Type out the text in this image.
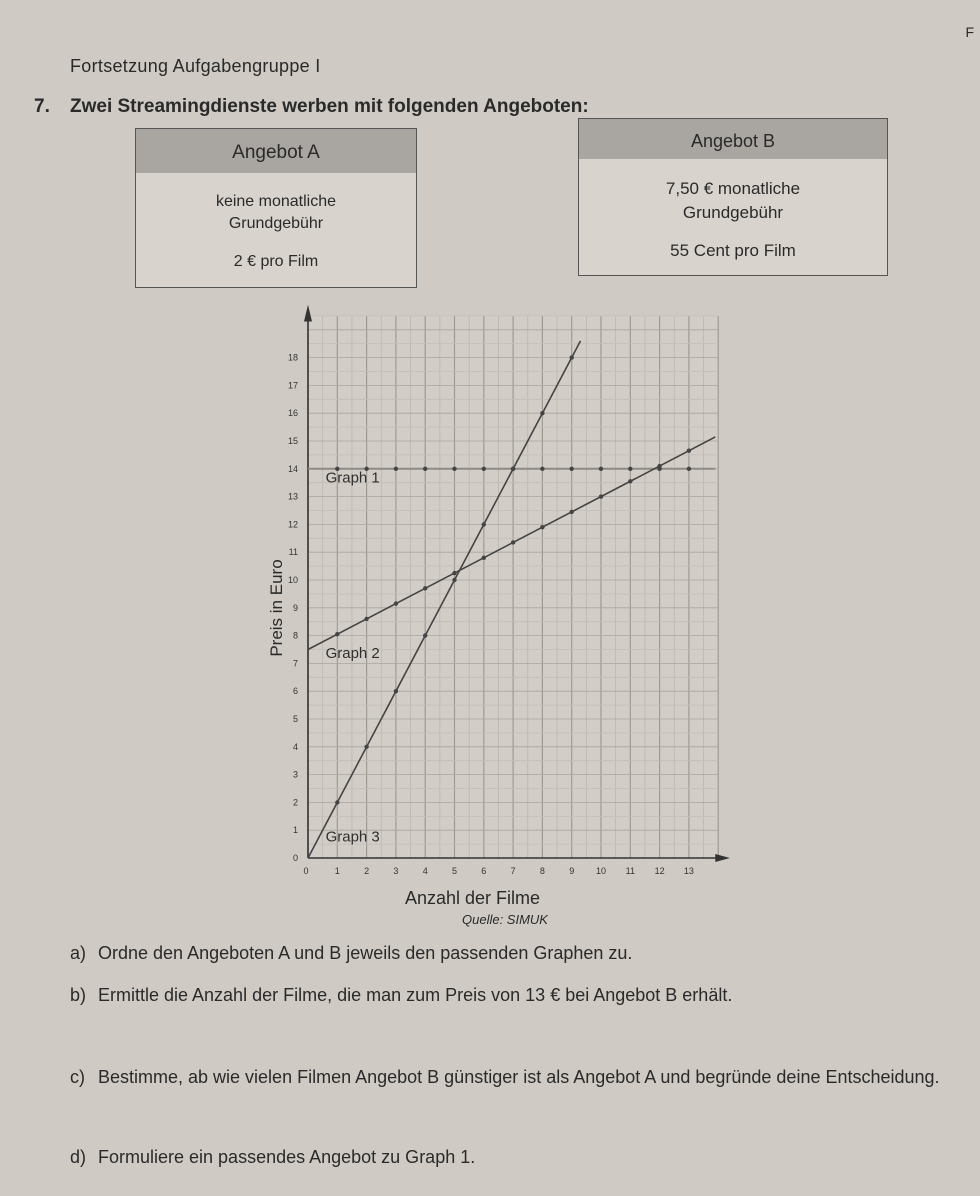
F
Fortsetzung Aufgabengruppe I
7. Zwei Streamingdienste werben mit folgenden Angeboten:
Angebot A
keine monatliche
Grundgebühr
2 € pro Film
Angebot B
7,50 € monatliche
Grundgebühr
55 Cent pro Film
0	1	2	3	4	5	6	7	8	9 10 11 12 13
0
1
2
3
4
5
6
7
8
9
10
11
12
13
14
15
16
17
18
Graph 1
Graph 2
Graph 3
Preis in Euro
Anzahl der Filme
Quelle: SIMUK
a) Ordne den Angeboten A und B jeweils den passenden Graphen zu.
b) Ermittle die Anzahl der Filme, die man zum Preis von 13 € bei Angebot B erhält.
c) Bestimme, ab wie vielen Filmen Angebot B günstiger ist als Angebot A und begründe deine Entscheidung.
d) Formuliere ein passendes Angebot zu Graph 1.
